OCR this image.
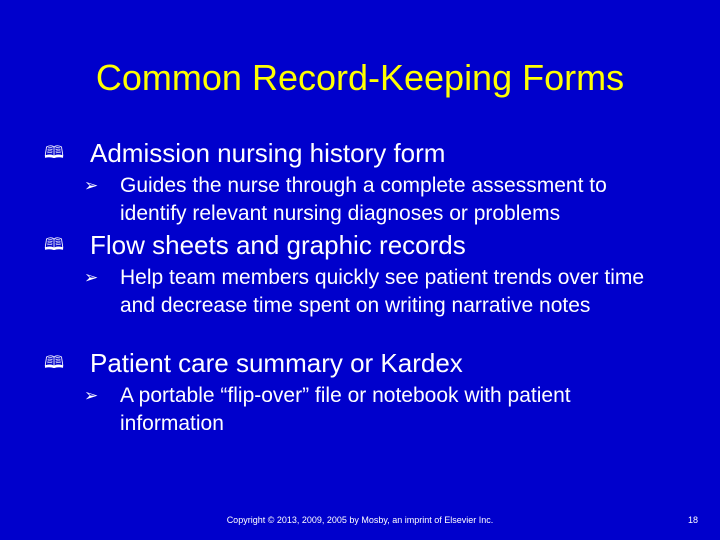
Common Record-Keeping Forms
🕮 Admission nursing history form
➢	Guides the nurse through a complete assessment to identify relevant nursing diagnoses or problems
🕮 Flow sheets and graphic records
➢	Help team members quickly see patient trends over time and decrease time spent on writing narrative notes
🕮 Patient care summary or Kardex
➢	A portable “flip-over” file or notebook with patient information
Copyright © 2013, 2009, 2005 by Mosby, an imprint of Elsevier Inc.	18
